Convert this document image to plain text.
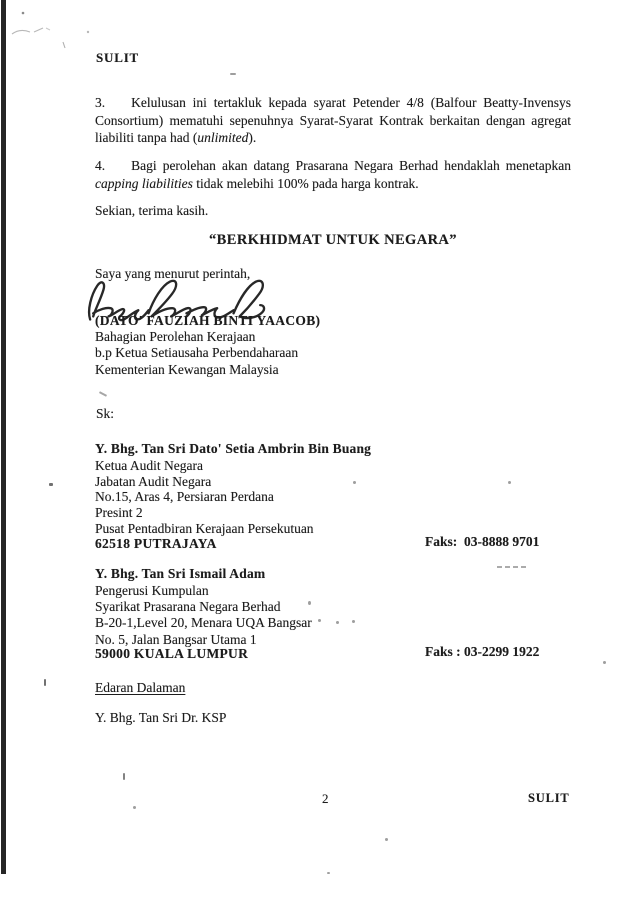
SULIT
3. Kelulusan ini tertakluk kepada syarat Petender 4/8 (Balfour Beatty-Invensys Consortium) mematuhi sepenuhnya Syarat-Syarat Kontrak berkaitan dengan agregat liabiliti tanpa had (unlimited).
4. Bagi perolehan akan datang Prasarana Negara Berhad hendaklah menetapkan capping liabilities tidak melebihi 100% pada harga kontrak.
Sekian, terima kasih.
“BERKHIDMAT UNTUK NEGARA”
Saya yang menurut perintah,
(DATO' FAUZIAH BINTI YAACOB)
Bahagian Perolehan Kerajaan
b.p Ketua Setiausaha Perbendaharaan
Kementerian Kewangan Malaysia
Sk:
Y. Bhg. Tan Sri Dato' Setia Ambrin Bin Buang
Ketua Audit Negara
Jabatan Audit Negara
No.15, Aras 4, Persiaran Perdana
Presint 2
Pusat Pentadbiran Kerajaan Persekutuan
62518 PUTRAJAYA	Faks:  03-8888 9701
Y. Bhg. Tan Sri Ismail Adam
Pengerusi Kumpulan
Syarikat Prasarana Negara Berhad
B-20-1,Level 20, Menara UQA Bangsar
No. 5, Jalan Bangsar Utama 1
59000 KUALA LUMPUR	Faks : 03-2299 1922
Edaran Dalaman
Y. Bhg. Tan Sri Dr. KSP
2	SULIT
